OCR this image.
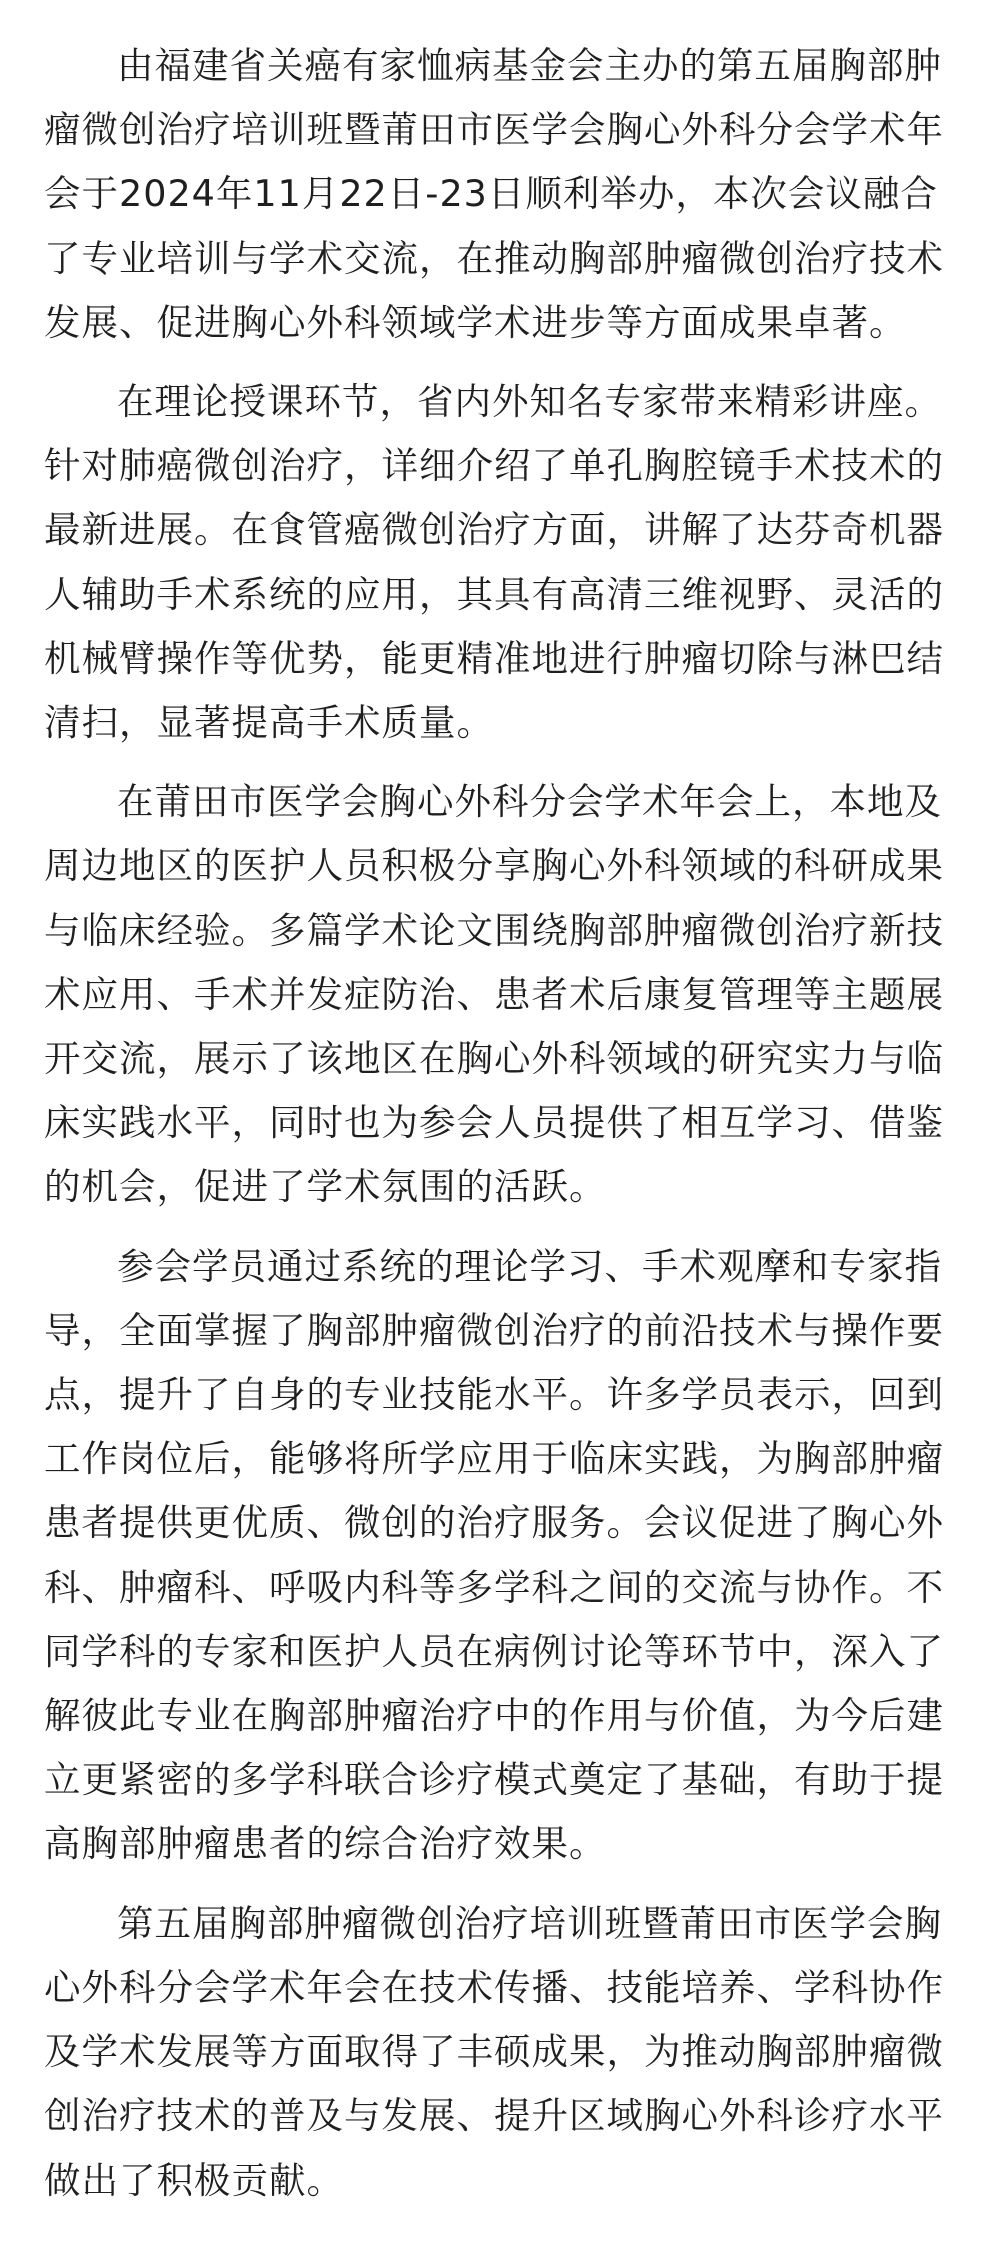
由福建省关癌有家恤病基金会主办的第五届胸部肿瘤微创治疗培训班暨莆田市医学会胸心外科分会学术年会于2024年11月22日-23日顺利举办，本次会议融合了专业培训与学术交流，在推动胸部肿瘤微创治疗技术发展、促进胸心外科领域学术进步等方面成果卓著。

在理论授课环节，省内外知名专家带来精彩讲座。针对肺癌微创治疗，详细介绍了单孔胸腔镜手术技术的最新进展。在食管癌微创治疗方面，讲解了达芬奇机器人辅助手术系统的应用，其具有高清三维视野、灵活的机械臂操作等优势，能更精准地进行肿瘤切除与淋巴结清扫，显著提高手术质量。

在莆田市医学会胸心外科分会学术年会上，本地及周边地区的医护人员积极分享胸心外科领域的科研成果与临床经验。多篇学术论文围绕胸部肿瘤微创治疗新技术应用、手术并发症防治、患者术后康复管理等主题展开交流，展示了该地区在胸心外科领域的研究实力与临床实践水平，同时也为参会人员提供了相互学习、借鉴的机会，促进了学术氛围的活跃。

参会学员通过系统的理论学习、手术观摩和专家指导，全面掌握了胸部肿瘤微创治疗的前沿技术与操作要点，提升了自身的专业技能水平。许多学员表示，回到工作岗位后，能够将所学应用于临床实践，为胸部肿瘤患者提供更优质、微创的治疗服务。会议促进了胸心外科、肿瘤科、呼吸内科等多学科之间的交流与协作。不同学科的专家和医护人员在病例讨论等环节中，深入了解彼此专业在胸部肿瘤治疗中的作用与价值，为今后建立更紧密的多学科联合诊疗模式奠定了基础，有助于提高胸部肿瘤患者的综合治疗效果。

第五届胸部肿瘤微创治疗培训班暨莆田市医学会胸心外科分会学术年会在技术传播、技能培养、学科协作及学术发展等方面取得了丰硕成果，为推动胸部肿瘤微创治疗技术的普及与发展、提升区域胸心外科诊疗水平做出了积极贡献。
